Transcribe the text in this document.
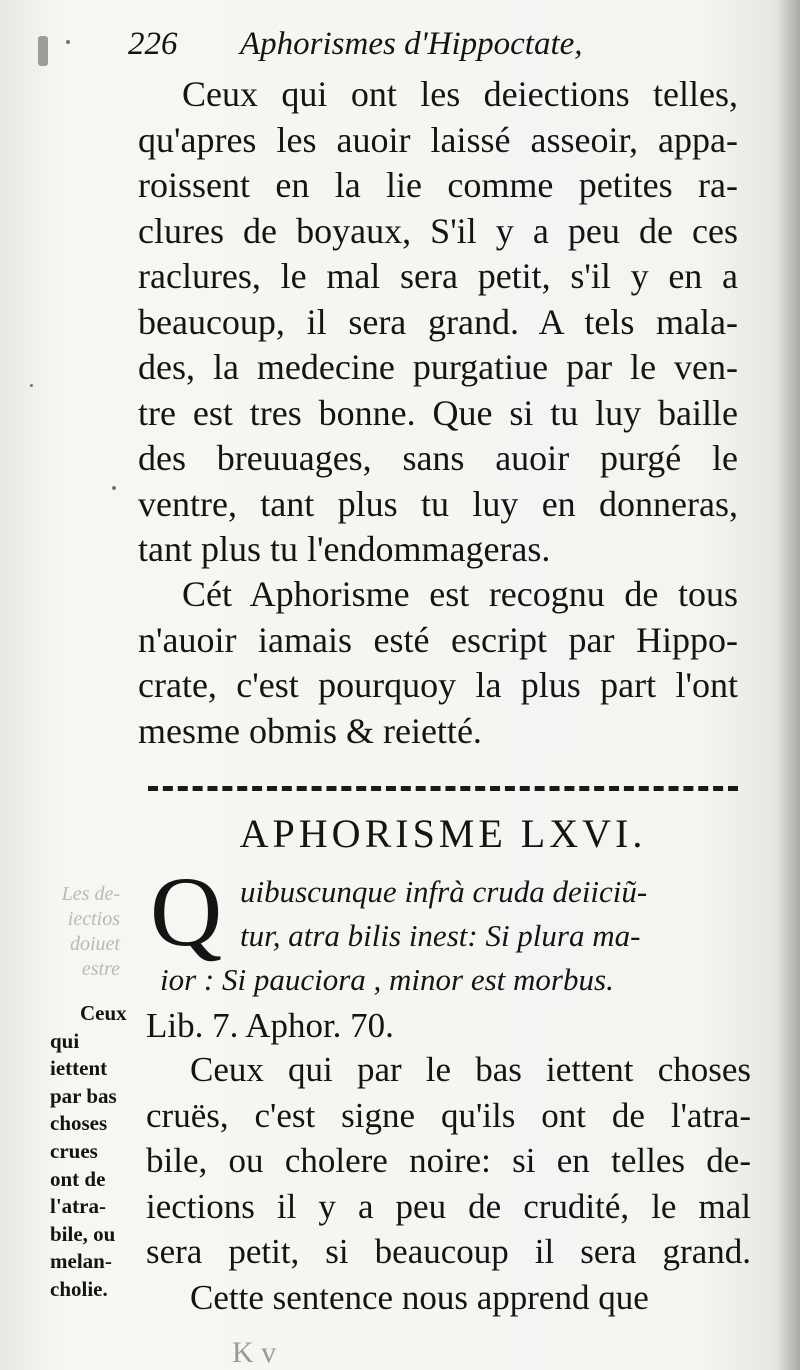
226 Aphorismes d'Hippoctate,
Ceux qui ont les deiections telles,
qu'apres les auoir laissé asseoir, appa-
roissent en la lie comme petites ra-
clures de boyaux, S'il y a peu de ces
raclures, le mal sera petit, s'il y en a
beaucoup, il sera grand. A tels mala-
des, la medecine purgatiue par le ven-
tre est tres bonne. Que si tu luy baille
des breuuages, sans auoir purgé le
ventre, tant plus tu luy en donneras,
tant plus tu l'endommageras.
Cét Aphorisme est recognu de tous
n'auoir iamais esté escript par Hippo-
crate, c'est pourquoy la plus part l'ont
mesme obmis & reietté.
APHORISME LXVI.
Les de-
iectios
doiuet
estre
Q uibuscunque infrà cruda deiiciũ-
tur, atra bilis inest: Si plura ma-
ior : Si pauciora , minor est morbus.
Lib. 7. Aphor. 70.
Ceux
qui
iettent
par bas
choses
crues
ont de
l'atra-
bile, ou
melan-
cholie.
Ceux qui par le bas iettent choses
cruës, c'est signe qu'ils ont de l'atra-
bile, ou cholere noire: si en telles de-
iections il y a peu de crudité, le mal
sera petit, si beaucoup il sera grand.
Cette sentence nous apprend que
K v
